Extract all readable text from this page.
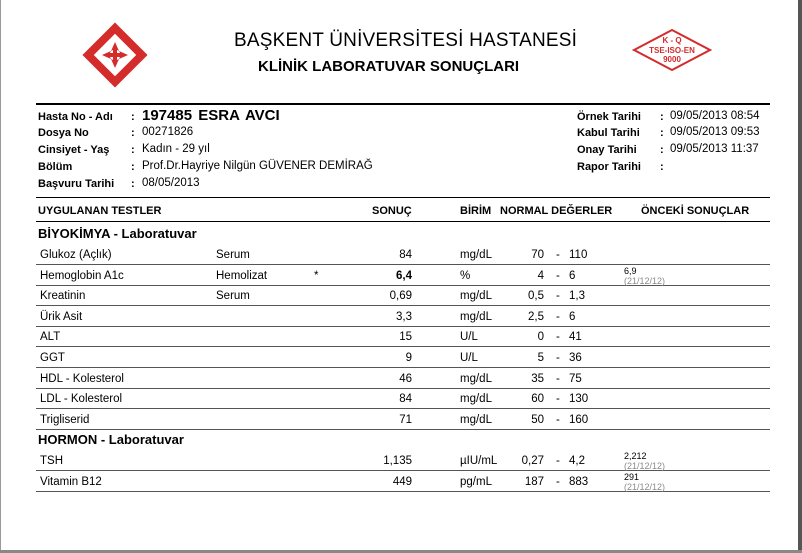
BAŞKENT ÜNİVERSİTESİ HASTANESİ
KLİNİK LABORATUVAR SONUÇLARI
K - Q
TSE-ISO-EN
9000
Hasta No - Adı : 197485 ESRA AVCI
Dosya No	: 00271826
Cinsiyet - Yaş : Kadın - 29 yıl
Bölüm	: Prof.Dr.Hayriye Nilgün GÜVENER DEMİRAĞ
Başvuru Tarihi : 08/05/2013
Örnek Tarihi : 09/05/2013 08:54
Kabul Tarihi : 09/05/2013 09:53
Onay Tarihi : 09/05/2013 11:37
Rapor Tarihi :
UYGULANAN TESTLER	SONUÇ	BİRİM NORMAL DEĞERLER	ÖNCEKİ SONUÇLAR
BİYOKİMYA - Laboratuvar
Glukoz (Açlık)	Serum	84	mg/dL	70 - 110
Hemoglobin A1c	Hemolizat	*	6,4	%	4 - 6	6,9
(21/12/12)
Kreatinin	Serum	0,69	mg/dL	0,5 - 1,3
Ürik Asit	3,3	mg/dL	2,5 - 6
ALT	15	U/L	0 - 41
GGT	9	U/L	5 - 36
HDL - Kolesterol	46	mg/dL	35 - 75
LDL - Kolesterol	84	mg/dL	60 - 130
Trigliserid	71	mg/dL	50 - 160
HORMON - Laboratuvar
TSH	1,135	µIU/mL	0,27 - 4,2	2,212
(21/12/12)
Vitamin B12	449	pg/mL	187 - 883	291
(21/12/12)
